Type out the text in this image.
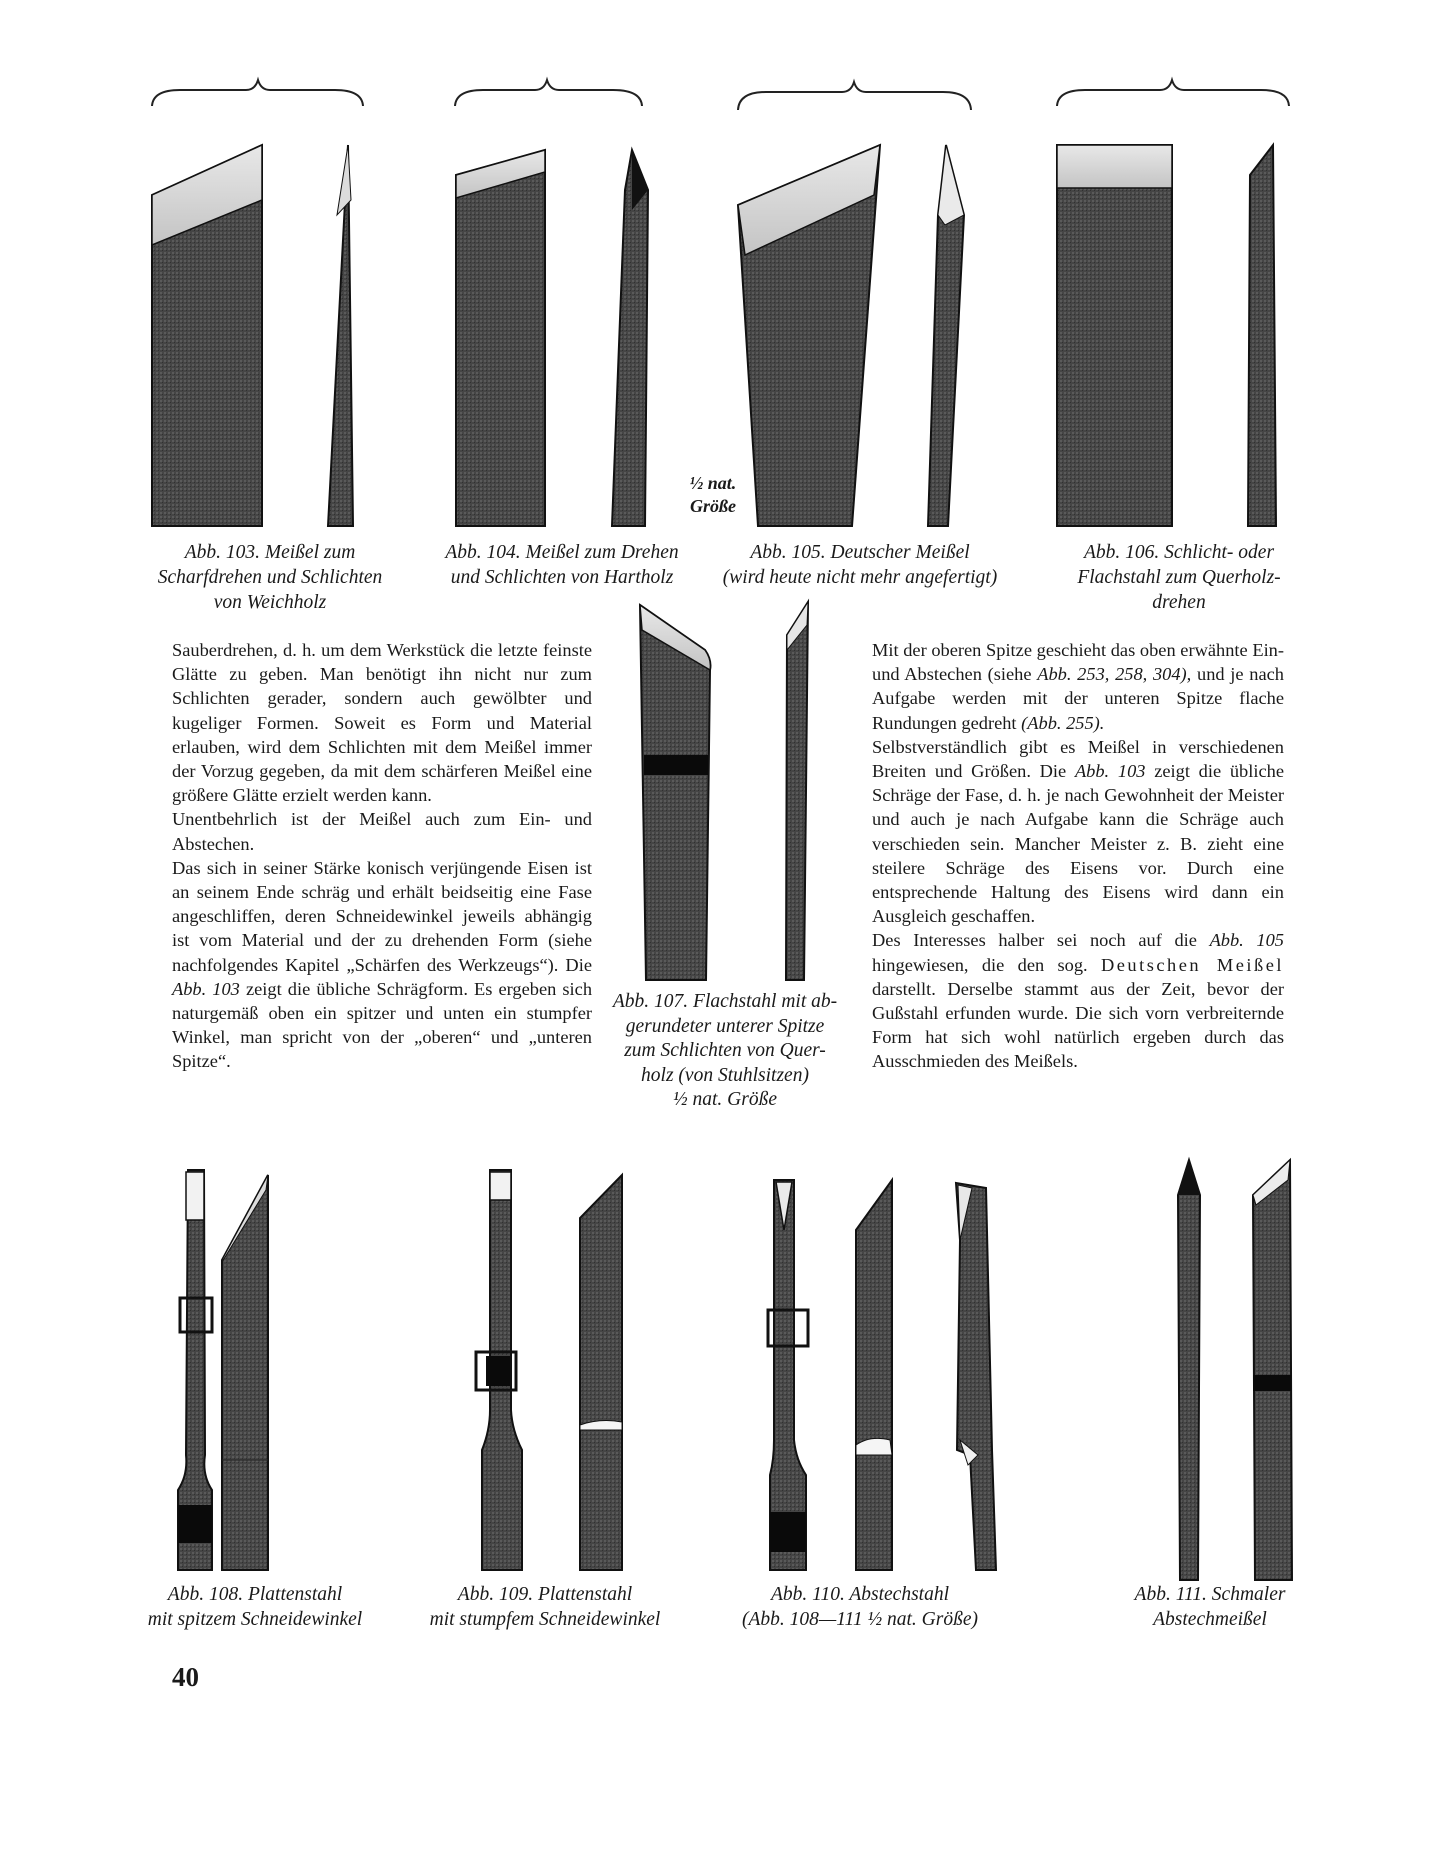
½ nat.
Größe
Abb. 103. Meißel zum
Scharfdrehen und Schlichten
von Weichholz
Abb. 104. Meißel zum Drehen
und Schlichten von Hartholz
Abb. 105. Deutscher Meißel
(wird heute nicht mehr angefertigt)
Abb. 106. Schlicht- oder
Flachstahl zum Querholz-
drehen

Sauberdrehen, d. h. um dem Werkstück die letzte feinste Glätte zu geben. Man benötigt ihn nicht nur zum Schlichten gerader, sondern auch gewölbter und kugeliger Formen. Soweit es Form und Material erlauben, wird dem Schlichten mit dem Meißel immer der Vorzug gegeben, da mit dem schärferen Meißel eine größere Glätte erzielt werden kann.

Unentbehrlich ist der Meißel auch zum Ein- und Abstechen.

Das sich in seiner Stärke konisch verjüngende Eisen ist an seinem Ende schräg und erhält beidseitig eine Fase angeschliffen, deren Schneidewinkel jeweils abhängig ist vom Material und der zu drehenden Form (siehe nachfolgendes Kapitel „Schärfen des Werkzeugs“). Die Abb. 103 zeigt die übliche Schrägform. Es ergeben sich naturgemäß oben ein spitzer und unten ein stumpfer Winkel, man spricht von der „oberen“ und „unteren Spitze“.

Abb. 107. Flachstahl mit ab-
gerundeter unterer Spitze
zum Schlichten von Quer-
holz (von Stuhlsitzen)
½ nat. Größe

Mit der oberen Spitze geschieht das oben erwähnte Ein- und Abstechen (siehe Abb. 253, 258, 304), und je nach Aufgabe werden mit der unteren Spitze flache Rundungen gedreht (Abb. 255).

Selbstverständlich gibt es Meißel in verschiedenen Breiten und Größen. Die Abb. 103 zeigt die übliche Schräge der Fase, d. h. je nach Gewohnheit der Meister und auch je nach Aufgabe kann die Schräge auch verschieden sein. Mancher Meister z. B. zieht eine steilere Schräge des Eisens vor. Durch eine entsprechende Haltung des Eisens wird dann ein Ausgleich geschaffen.

Des Interesses halber sei noch auf die Abb. 105 hingewiesen, die den sog. Deutschen Meißel darstellt. Derselbe stammt aus der Zeit, bevor der Gußstahl erfunden wurde. Die sich vorn verbreiternde Form hat sich wohl natürlich ergeben durch das Ausschmieden des Meißels.

Abb. 108. Plattenstahl
mit spitzem Schneidewinkel
Abb. 109. Plattenstahl
mit stumpfem Schneidewinkel
Abb. 110. Abstechstahl
(Abb. 108—111 ½ nat. Größe)
Abb. 111. Schmaler
Abstechmeißel
40
